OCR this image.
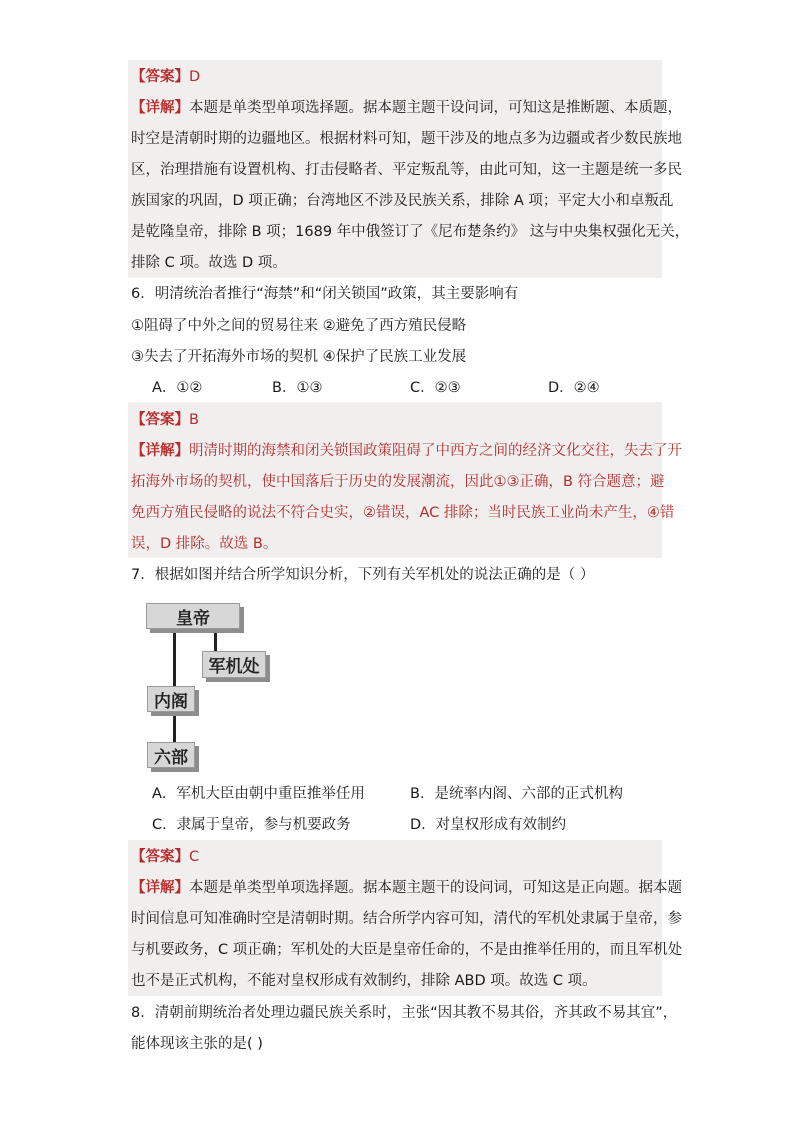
【答案】D
【详解】本题是单类型单项选择题。据本题主题干设问词，可知这是推断题、本质题，
时空是清朝时期的边疆地区。根据材料可知，题干涉及的地点多为边疆或者少数民族地
区，治理措施有设置机构、打击侵略者、平定叛乱等，由此可知，这一主题是统一多民
族国家的巩固，D 项正确；台湾地区不涉及民族关系，排除 A 项；平定大小和卓叛乱
是乾隆皇帝，排除 B 项；1689 年中俄签订了《尼布楚条约》 这与中央集权强化无关，
排除 C 项。故选 D 项。
6．明清统治者推行“海禁”和“闭关锁国”政策，其主要影响有
①阻碍了中外之间的贸易往来 ②避免了西方殖民侵略
③失去了开拓海外市场的契机 ④保护了民族工业发展
A．①②	B．①③	C．②③	D．②④
【答案】B
【详解】明清时期的海禁和闭关锁国政策阻碍了中西方之间的经济文化交往，失去了开
拓海外市场的契机，使中国落后于历史的发展潮流，因此①③正确，B 符合题意；避
免西方殖民侵略的说法不符合史实，②错误，AC 排除；当时民族工业尚未产生，④错
误，D 排除。故选 B。
7．根据如图并结合所学知识分析，下列有关军机处的说法正确的是（ ）
皇帝
军机处
内阁
六部
A．军机大臣由朝中重臣推举任用	B．是统率内阁、六部的正式机构
C．隶属于皇帝，参与机要政务	D．对皇权形成有效制约
【答案】C
【详解】本题是单类型单项选择题。据本题主题干的设问词，可知这是正向题。据本题
时间信息可知准确时空是清朝时期。结合所学内容可知，清代的军机处隶属于皇帝，参
与机要政务，C 项正确；军机处的大臣是皇帝任命的，不是由推举任用的，而且军机处
也不是正式机构，不能对皇权形成有效制约，排除 ABD 项。故选 C 项。
8．清朝前期统治者处理边疆民族关系时，主张“因其教不易其俗，齐其政不易其宜”，
能体现该主张的是( )
